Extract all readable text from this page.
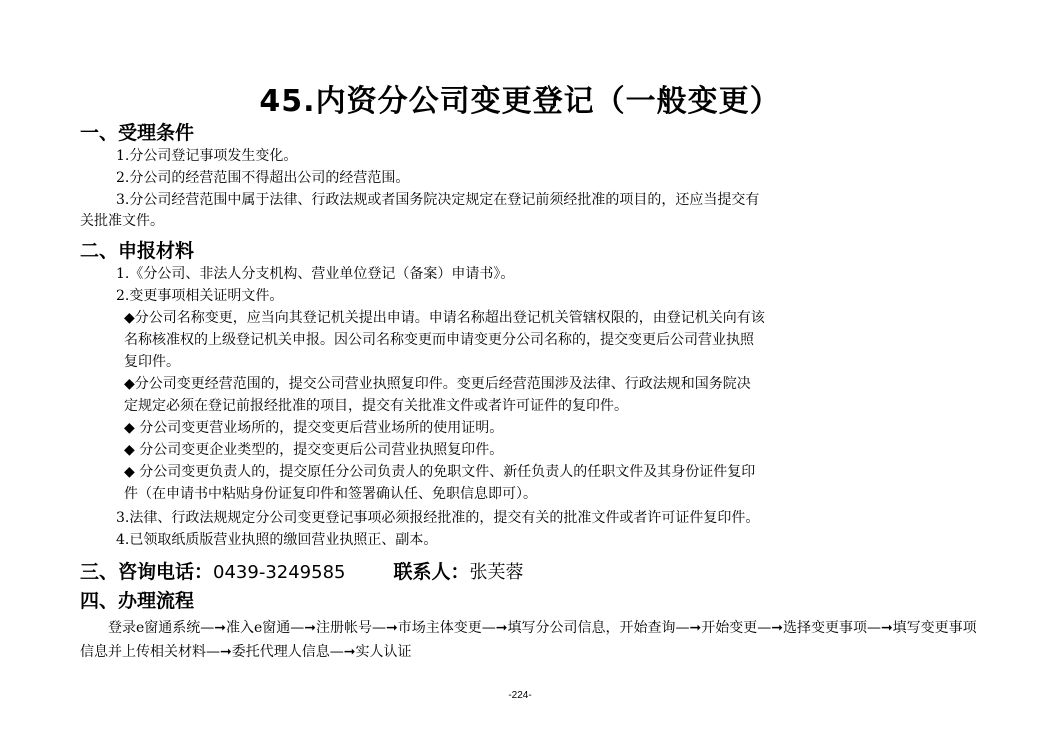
45.内资分公司变更登记（一般变更）
一、受理条件
1.分公司登记事项发生变化。
2.分公司的经营范围不得超出公司的经营范围。
3.分公司经营范围中属于法律、行政法规或者国务院决定规定在登记前须经批准的项目的，还应当提交有
关批准文件。
二、申报材料
1.《分公司、非法人分支机构、营业单位登记（备案）申请书》。
2.变更事项相关证明文件。
◆分公司名称变更，应当向其登记机关提出申请。申请名称超出登记机关管辖权限的，由登记机关向有该
名称核准权的上级登记机关申报。因公司名称变更而申请变更分公司名称的，提交变更后公司营业执照
复印件。
◆分公司变更经营范围的，提交公司营业执照复印件。变更后经营范围涉及法律、行政法规和国务院决
定规定必须在登记前报经批准的项目，提交有关批准文件或者许可证件的复印件。
◆ 分公司变更营业场所的，提交变更后营业场所的使用证明。
◆ 分公司变更企业类型的，提交变更后公司营业执照复印件。
◆ 分公司变更负责人的，提交原任分公司负责人的免职文件、新任负责人的任职文件及其身份证件复印
件（在申请书中粘贴身份证复印件和签署确认任、免职信息即可）。
3.法律、行政法规规定分公司变更登记事项必须报经批准的，提交有关的批准文件或者许可证件复印件。
4.已领取纸质版营业执照的缴回营业执照正、副本。
三、咨询电话：0439-3249585	联系人：张芙蓉
四、办理流程
登录e窗通系统—➞准入e窗通—➞注册帐号—➞市场主体变更—➞填写分公司信息，开始查询—➞开始变更—➞选择变更事项—➞填写变更事项信息并上传相关材料—➞委托代理人信息—➞实人认证
-224-
